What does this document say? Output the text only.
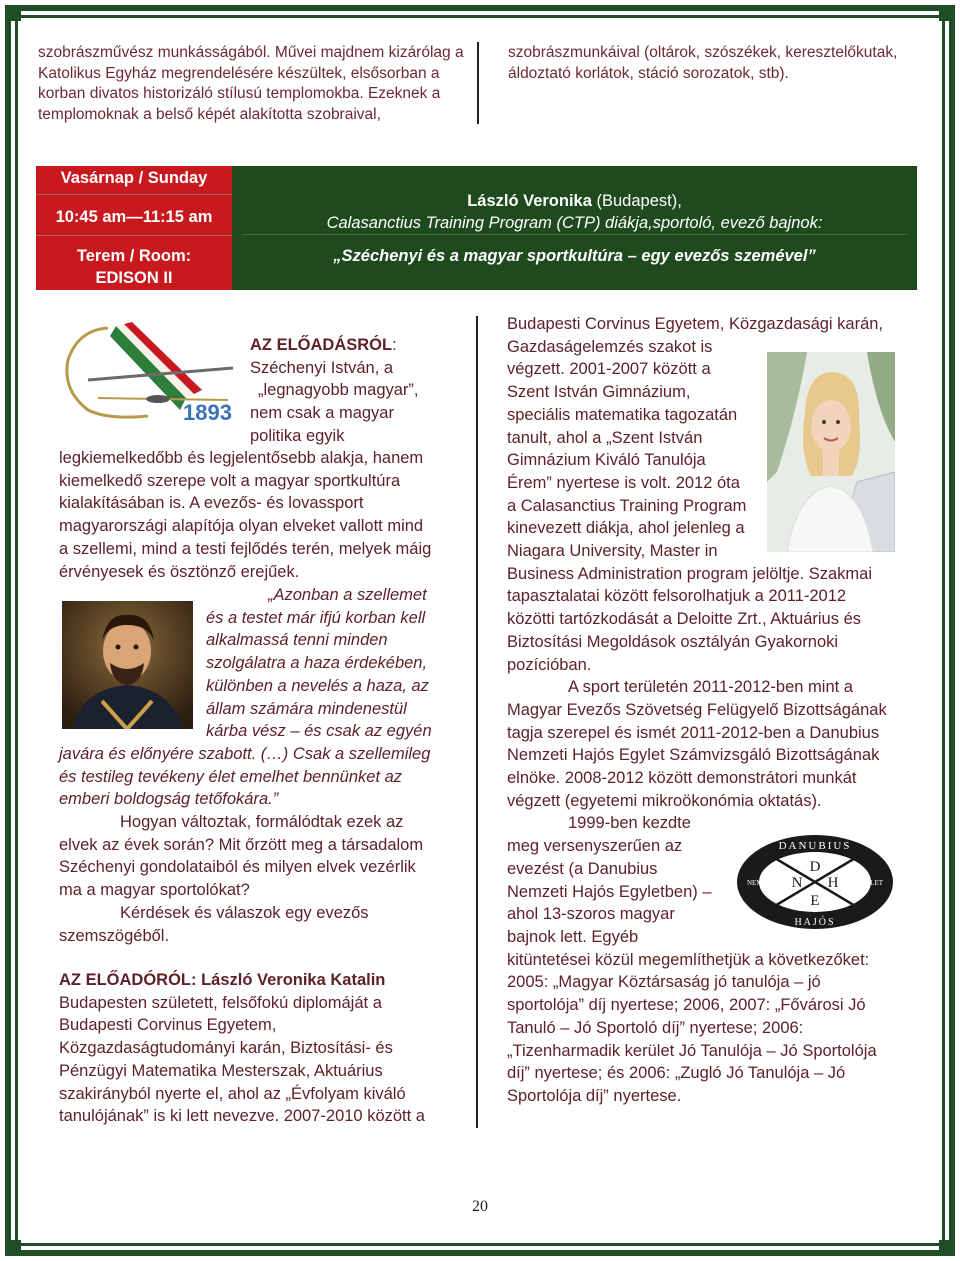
szobrászművész munkásságából. Művei majdnem kizárólag a
Katolikus Egyház megrendelésére készültek, elsősorban a
korban divatos historizáló stílusú templomokba. Ezeknek a
templomoknak a belső képét alakította szobraival,
szobrászmunkáival (oltárok, szószékek, keresztelőkutak,
áldoztató korlátok, stáció sorozatok, stb).
Vasárnap / Sunday
10:45 am—11:15 am
Terem / Room:
EDISON II
László Veronika (Budapest),
Calasanctius Training Program (CTP) diákja,sportoló, evező bajnok:
„Széchenyi és a magyar sportkultúra – egy evezős szemével”
1893
AZ ELŐADÁSRÓL:
Széchenyi István, a
„legnagyobb magyar”,
nem csak a magyar
politika egyik
legkiemelkedőbb és legjelentősebb alakja, hanem
kiemelkedő szerepe volt a magyar sportkultúra
kialakításában is. A evezős- és lovassport
magyarországi alapítója olyan elveket vallott mind
a szellemi, mind a testi fejlődés terén, melyek máig
érvényesek és ösztönző erejűek.
„Azonban a szellemet
és a testet már ifjú korban kell
alkalmassá tenni minden
szolgálatra a haza érdekében,
különben a nevelés a haza, az
állam számára mindenestül
kárba vész – és csak az egyén
javára és előnyére szabott. (…) Csak a szellemileg
és testileg tevékeny élet emelhet bennünket az
emberi boldogság tetőfokára.”
Hogyan változtak, formálódtak ezek az
elvek az évek során? Mit őrzött meg a társadalom
Széchenyi gondolataiból és milyen elvek vezérlik
ma a magyar sportolókat?
Kérdések és válaszok egy evezős
szemszögéből.
AZ ELŐADÓRÓL: László Veronika Katalin
Budapesten született, felsőfokú diplomáját a
Budapesti Corvinus Egyetem,
Közgazdaságtudományi karán, Biztosítási- és
Pénzügyi Matematika Mesterszak, Aktuárius
szakirányból nyerte el, ahol az „Évfolyam kiváló
tanulójának” is ki lett nevezve. 2007-2010 között a
Budapesti Corvinus Egyetem, Közgazdasági karán,
Gazdaságelemzés szakot is
végzett. 2001-2007 között a
Szent István Gimnázium,
speciális matematika tagozatán
tanult, ahol a „Szent István
Gimnázium Kiváló Tanulója
Érem” nyertese is volt. 2012 óta
a Calasanctius Training Program
kinevezett diákja, ahol jelenleg a
Niagara University, Master in
Business Administration program jelöltje. Szakmai
tapasztalatai között felsorolhatjuk a 2011-2012
közötti tartózkodását a Deloitte Zrt., Aktuárius és
Biztosítási Megoldások osztályán Gyakornoki
pozícióban.
A sport területén 2011-2012-ben mint a
Magyar Evezős Szövetség Felügyelő Bizottságának
tagja szerepel és ismét 2011-2012-ben a Danubius
Nemzeti Hajós Egylet Számvizsgáló Bizottságának
elnöke. 2008-2012 között demonstrátori munkát
végzett (egyetemi mikroökonómia oktatás).
1999-ben kezdte
meg versenyszerűen az
evezést (a Danubius
Nemzeti Hajós Egyletben) –
ahol 13-szoros magyar
bajnok lett. Egyéb
kitüntetései közül megemlíthetjük a következőket:
2005: „Magyar Köztársaság jó tanulója – jó
sportolója” díj nyertese; 2006, 2007: „Fővárosi Jó
Tanuló – Jó Sportoló díj” nyertese; 2006:
„Tizenharmadik kerület Jó Tanulója – Jó Sportolója
díj” nyertese; és 2006: „Zugló Jó Tanulója – Jó
Sportolója díj” nyertese.
DANUBIUS
HAJÓS
NEMZETI	EGYLET
N
D
H
E
20
